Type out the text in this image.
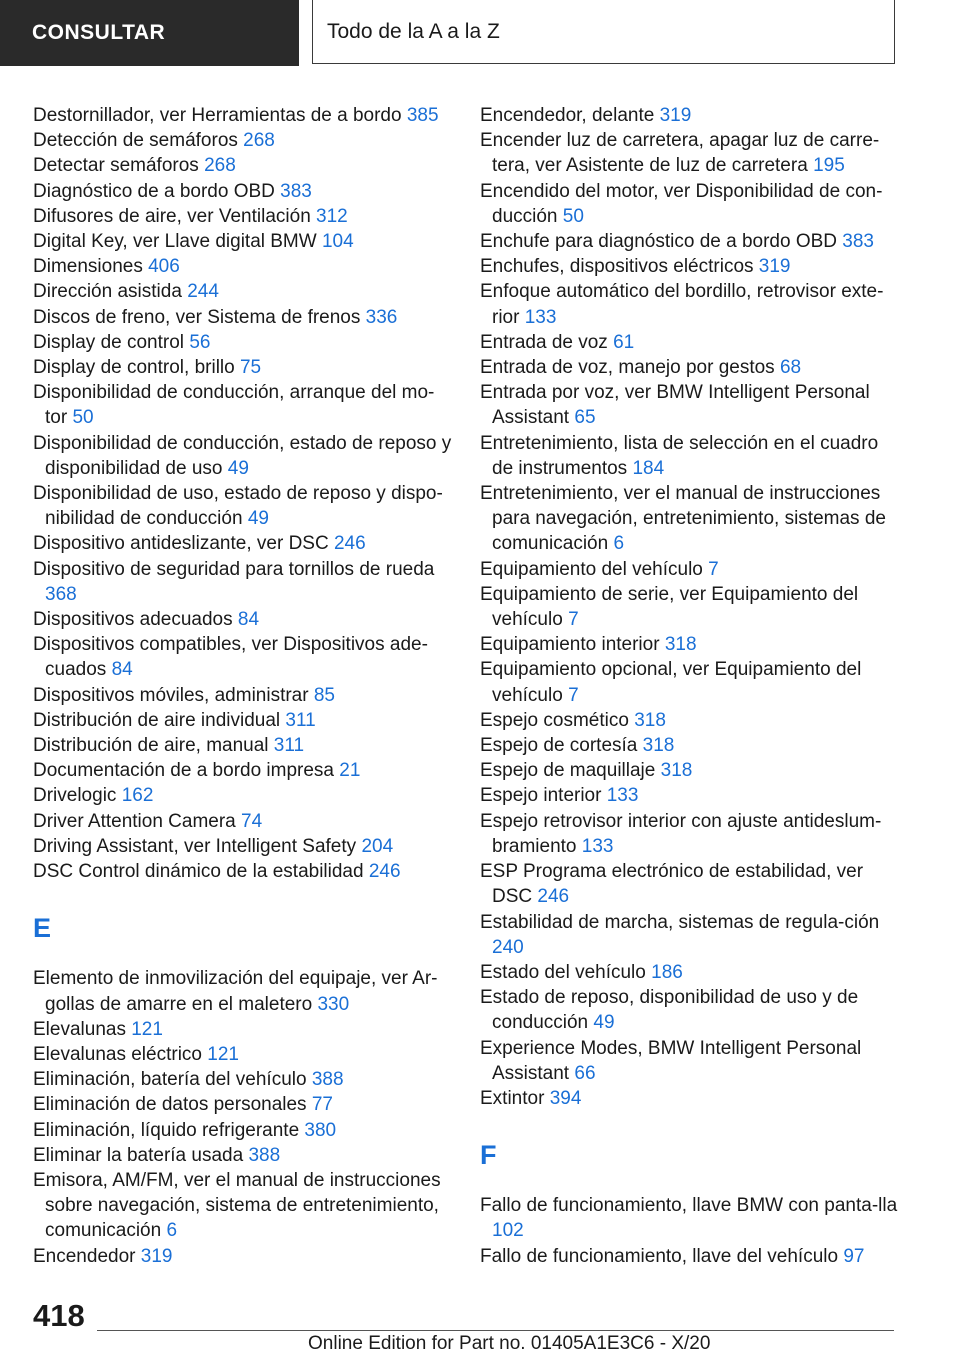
CONSULTAR	Todo de la A a la Z
Destornillador, ver Herramientas de a bordo 385
Detección de semáforos 268
Detectar semáforos 268
Diagnóstico de a bordo OBD 383
Difusores de aire, ver Ventilación 312
Digital Key, ver Llave digital BMW 104
Dimensiones 406
Dirección asistida 244
Discos de freno, ver Sistema de frenos 336
Display de control 56
Display de control, brillo 75
Disponibilidad de conducción, arranque del mo-tor 50
Disponibilidad de conducción, estado de reposo y disponibilidad de uso 49
Disponibilidad de uso, estado de reposo y dispo-nibilidad de conducción 49
Dispositivo antideslizante, ver DSC 246
Dispositivo de seguridad para tornillos de rueda 368
Dispositivos adecuados 84
Dispositivos compatibles, ver Dispositivos ade-cuados 84
Dispositivos móviles, administrar 85
Distribución de aire individual 311
Distribución de aire, manual 311
Documentación de a bordo impresa 21
Drivelogic 162
Driver Attention Camera 74
Driving Assistant, ver Intelligent Safety 204
DSC Control dinámico de la estabilidad 246
E
Elemento de inmovilización del equipaje, ver Ar-gollas de amarre en el maletero 330
Elevalunas 121
Elevalunas eléctrico 121
Eliminación, batería del vehículo 388
Eliminación de datos personales 77
Eliminación, líquido refrigerante 380
Eliminar la batería usada 388
Emisora, AM/FM, ver el manual de instrucciones sobre navegación, sistema de entretenimiento, comunicación 6
Encendedor 319
Encendedor, delante 319
Encender luz de carretera, apagar luz de carre-tera, ver Asistente de luz de carretera 195
Encendido del motor, ver Disponibilidad de con-ducción 50
Enchufe para diagnóstico de a bordo OBD 383
Enchufes, dispositivos eléctricos 319
Enfoque automático del bordillo, retrovisor exte-rior 133
Entrada de voz 61
Entrada de voz, manejo por gestos 68
Entrada por voz, ver BMW Intelligent Personal Assistant 65
Entretenimiento, lista de selección en el cuadro de instrumentos 184
Entretenimiento, ver el manual de instrucciones para navegación, entretenimiento, sistemas de comunicación 6
Equipamiento del vehículo 7
Equipamiento de serie, ver Equipamiento del vehículo 7
Equipamiento interior 318
Equipamiento opcional, ver Equipamiento del vehículo 7
Espejo cosmético 318
Espejo de cortesía 318
Espejo de maquillaje 318
Espejo interior 133
Espejo retrovisor interior con ajuste antideslum-bramiento 133
ESP Programa electrónico de estabilidad, ver DSC 246
Estabilidad de marcha, sistemas de regula-ción 240
Estado del vehículo 186
Estado de reposo, disponibilidad de uso y de conducción 49
Experience Modes, BMW Intelligent Personal Assistant 66
Extintor 394
F
Fallo de funcionamiento, llave BMW con panta-lla 102
Fallo de funcionamiento, llave del vehículo 97
418
Online Edition for Part no. 01405A1E3C6 - X/20
